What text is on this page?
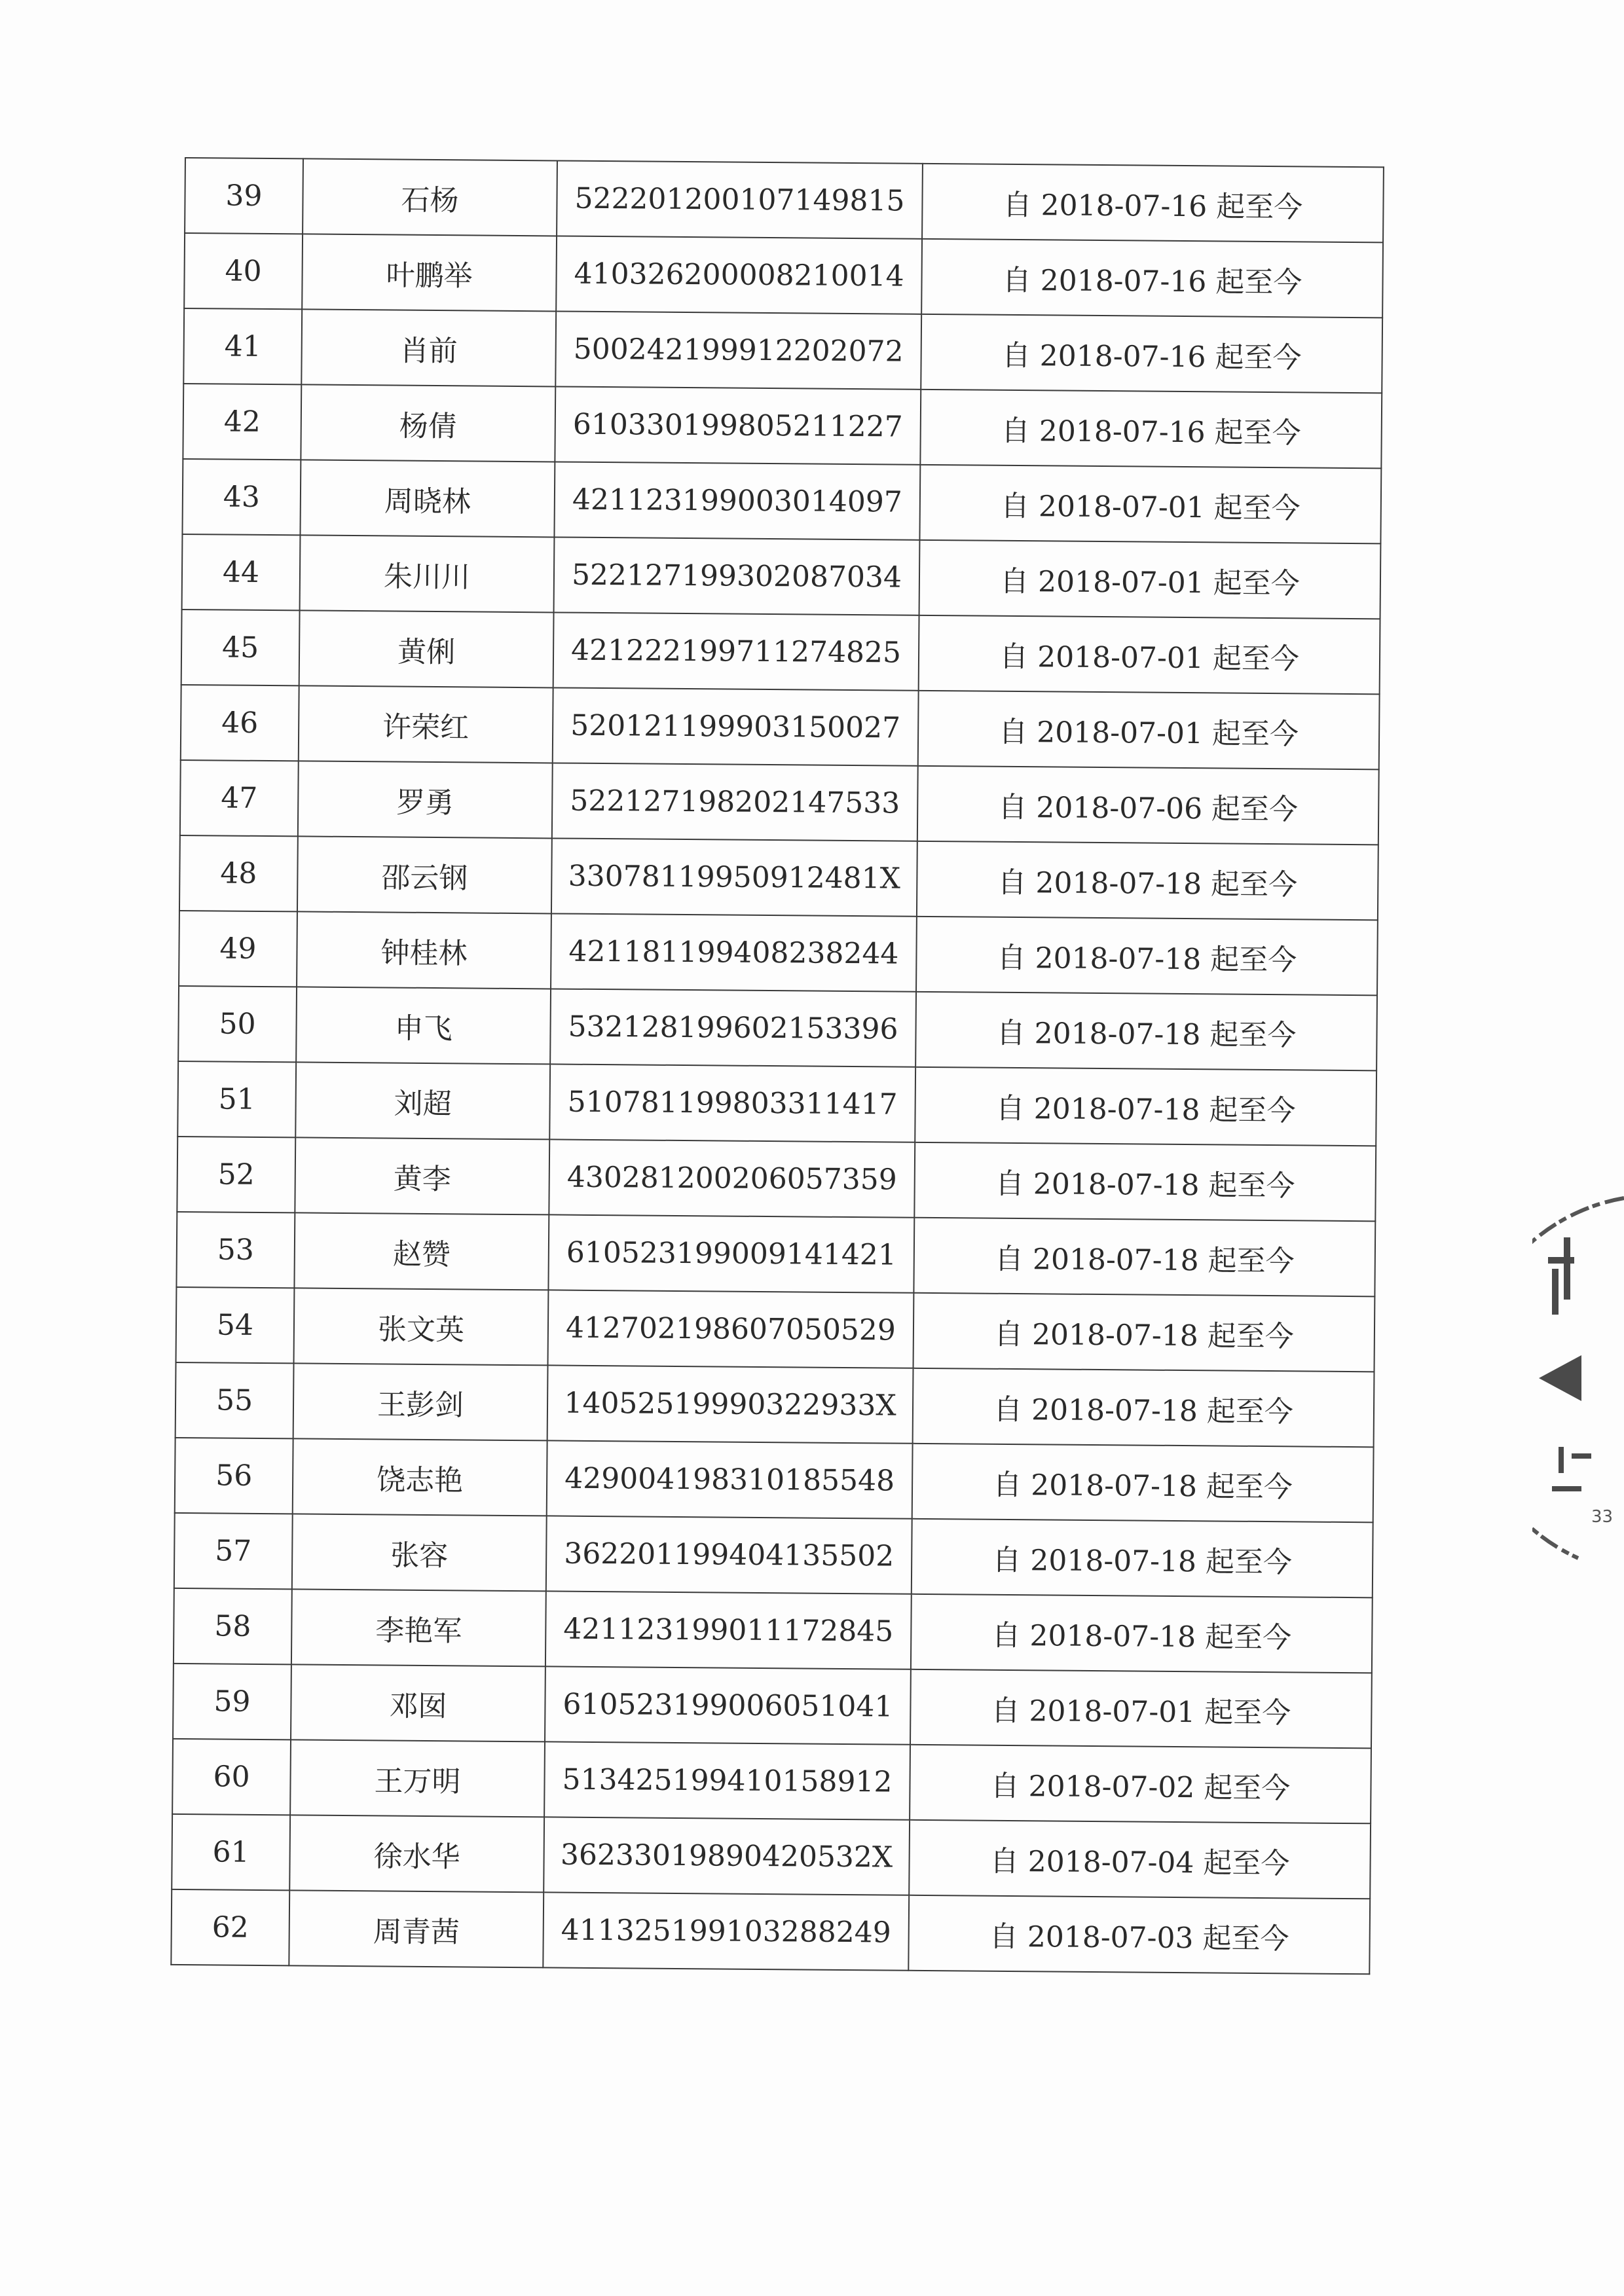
39	石杨	522201200107149815	自 2018-07-16 起至今
40	叶鹏举	410326200008210014	自 2018-07-16 起至今
41	肖前	500242199912202072	自 2018-07-16 起至今
42	杨倩	610330199805211227	自 2018-07-16 起至今
43	周晓林	421123199003014097	自 2018-07-01 起至今
44	朱川川	522127199302087034	自 2018-07-01 起至今
45	黄俐	421222199711274825	自 2018-07-01 起至今
46	许荣红	520121199903150027	自 2018-07-01 起至今
47	罗勇	522127198202147533	自 2018-07-06 起至今
48	邵云钢	33078119950912481X	自 2018-07-18 起至今
49	钟桂林	421181199408238244	自 2018-07-18 起至今
50	申飞	532128199602153396	自 2018-07-18 起至今
51	刘超	510781199803311417	自 2018-07-18 起至今
52	黄李	430281200206057359	自 2018-07-18 起至今
53	赵赞	610523199009141421	自 2018-07-18 起至今
54	张文英	412702198607050529	自 2018-07-18 起至今
55	王彭剑	14052519990322933X	自 2018-07-18 起至今
56	饶志艳	429004198310185548	自 2018-07-18 起至今
57	张容	362201199404135502	自 2018-07-18 起至今
58	李艳军	421123199011172845	自 2018-07-18 起至今
59	邓囡	610523199006051041	自 2018-07-01 起至今
60	王万明	513425199410158912	自 2018-07-02 起至今
61	徐水华	36233019890420532X	自 2018-07-04 起至今
62	周青茜	411325199103288249	自 2018-07-03 起至今
33
